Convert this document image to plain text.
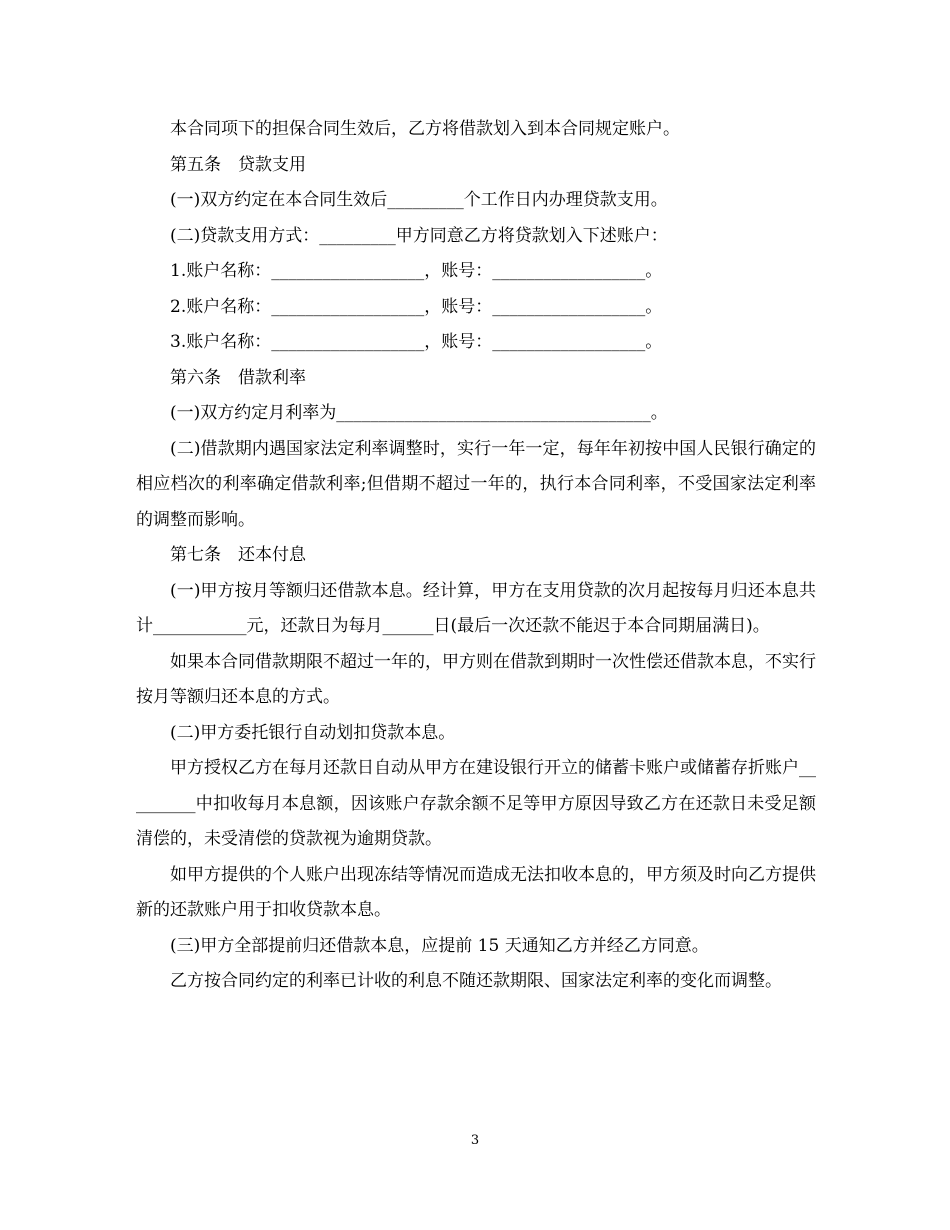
本合同项下的担保合同生效后，乙方将借款划入到本合同规定账户。

第五条　贷款支用

(一)双方约定在本合同生效后_________个工作日内办理贷款支用。

(二)贷款支用方式：_________甲方同意乙方将贷款划入下述账户：

1.账户名称：__________________，账号：__________________。

2.账户名称：__________________，账号：__________________。

3.账户名称：__________________，账号：__________________。

第六条　借款利率

(一)双方约定月利率为_____________________________________。

(二)借款期内遇国家法定利率调整时，实行一年一定，每年年初按中国人民银行确定的相应档次的利率确定借款利率;但借期不超过一年的，执行本合同利率，不受国家法定利率的调整而影响。

第七条　还本付息

(一)甲方按月等额归还借款本息。经计算，甲方在支用贷款的次月起按每月归还本息共计___________元，还款日为每月______日(最后一次还款不能迟于本合同期届满日)。

如果本合同借款期限不超过一年的，甲方则在借款到期时一次性偿还借款本息，不实行按月等额归还本息的方式。

(二)甲方委托银行自动划扣贷款本息。

甲方授权乙方在每月还款日自动从甲方在建设银行开立的储蓄卡账户或储蓄存折账户_________中扣收每月本息额，因该账户存款余额不足等甲方原因导致乙方在还款日未受足额清偿的，未受清偿的贷款视为逾期贷款。

如甲方提供的个人账户出现冻结等情况而造成无法扣收本息的，甲方须及时向乙方提供新的还款账户用于扣收贷款本息。

(三)甲方全部提前归还借款本息，应提前 15 天通知乙方并经乙方同意。

乙方按合同约定的利率已计收的利息不随还款期限、国家法定利率的变化而调整。

3
